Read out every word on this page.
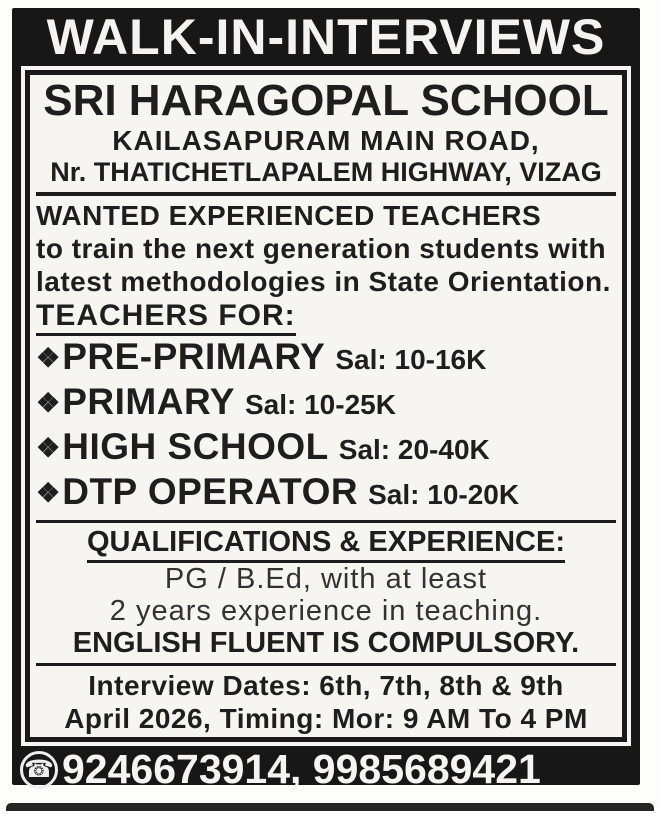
WALK-IN-INTERVIEWS
SRI HARAGOPAL SCHOOL
KAILASAPURAM MAIN ROAD,
Nr. THATICHETLAPALEM HIGHWAY, VIZAG
WANTED EXPERIENCED TEACHERS
to train the next generation students with
latest methodologies in State Orientation.
TEACHERS FOR:
❖ PRE-PRIMARY Sal: 10-16K
❖ PRIMARY Sal: 10-25K
❖ HIGH SCHOOL Sal: 20-40K
❖ DTP OPERATOR Sal: 10-20K
QUALIFICATIONS & EXPERIENCE:
PG / B.Ed, with at least
2 years experience in teaching.
ENGLISH FLUENT IS COMPULSORY.
Interview Dates: 6th, 7th, 8th & 9th
April 2026, Timing: Mor: 9 AM To 4 PM
☎ 9246673914, 9985689421
